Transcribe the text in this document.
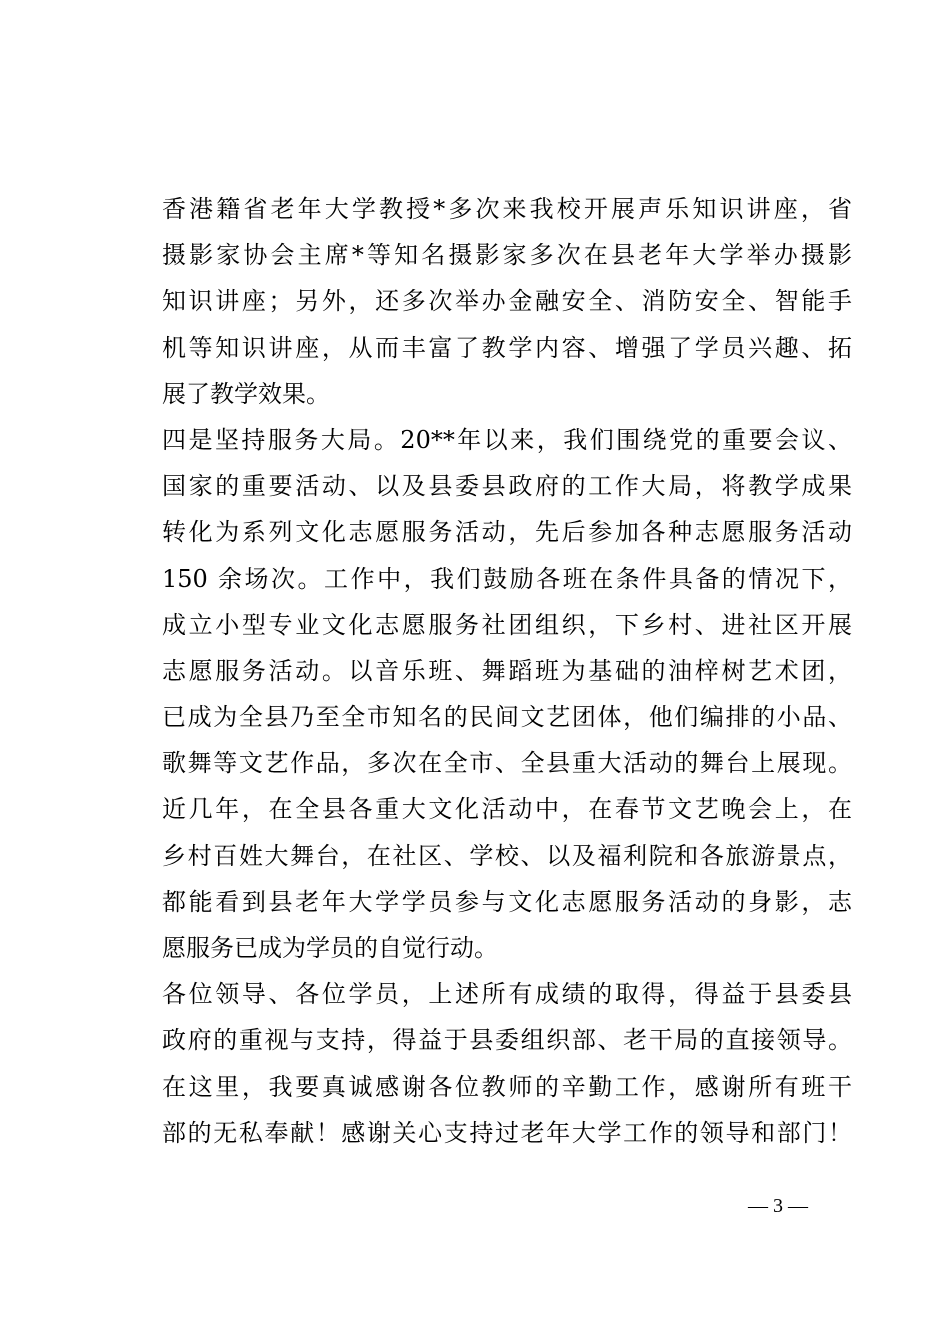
香港籍省老年大学教授*多次来我校开展声乐知识讲座，省
摄影家协会主席*等知名摄影家多次在县老年大学举办摄影
知识讲座；另外，还多次举办金融安全、消防安全、智能手
机等知识讲座，从而丰富了教学内容、增强了学员兴趣、拓
展了教学效果。
四是坚持服务大局。20**年以来，我们围绕党的重要会议、
国家的重要活动、以及县委县政府的工作大局，将教学成果
转化为系列文化志愿服务活动，先后参加各种志愿服务活动
150 余场次。工作中，我们鼓励各班在条件具备的情况下，
成立小型专业文化志愿服务社团组织，下乡村、进社区开展
志愿服务活动。以音乐班、舞蹈班为基础的油梓树艺术团，
已成为全县乃至全市知名的民间文艺团体，他们编排的小品、
歌舞等文艺作品，多次在全市、全县重大活动的舞台上展现。
近几年，在全县各重大文化活动中，在春节文艺晚会上，在
乡村百姓大舞台，在社区、学校、以及福利院和各旅游景点，
都能看到县老年大学学员参与文化志愿服务活动的身影，志
愿服务已成为学员的自觉行动。
各位领导、各位学员，上述所有成绩的取得，得益于县委县
政府的重视与支持，得益于县委组织部、老干局的直接领导。
在这里，我要真诚感谢各位教师的辛勤工作，感谢所有班干
部的无私奉献！感谢关心支持过老年大学工作的领导和部门！
— 3 —
